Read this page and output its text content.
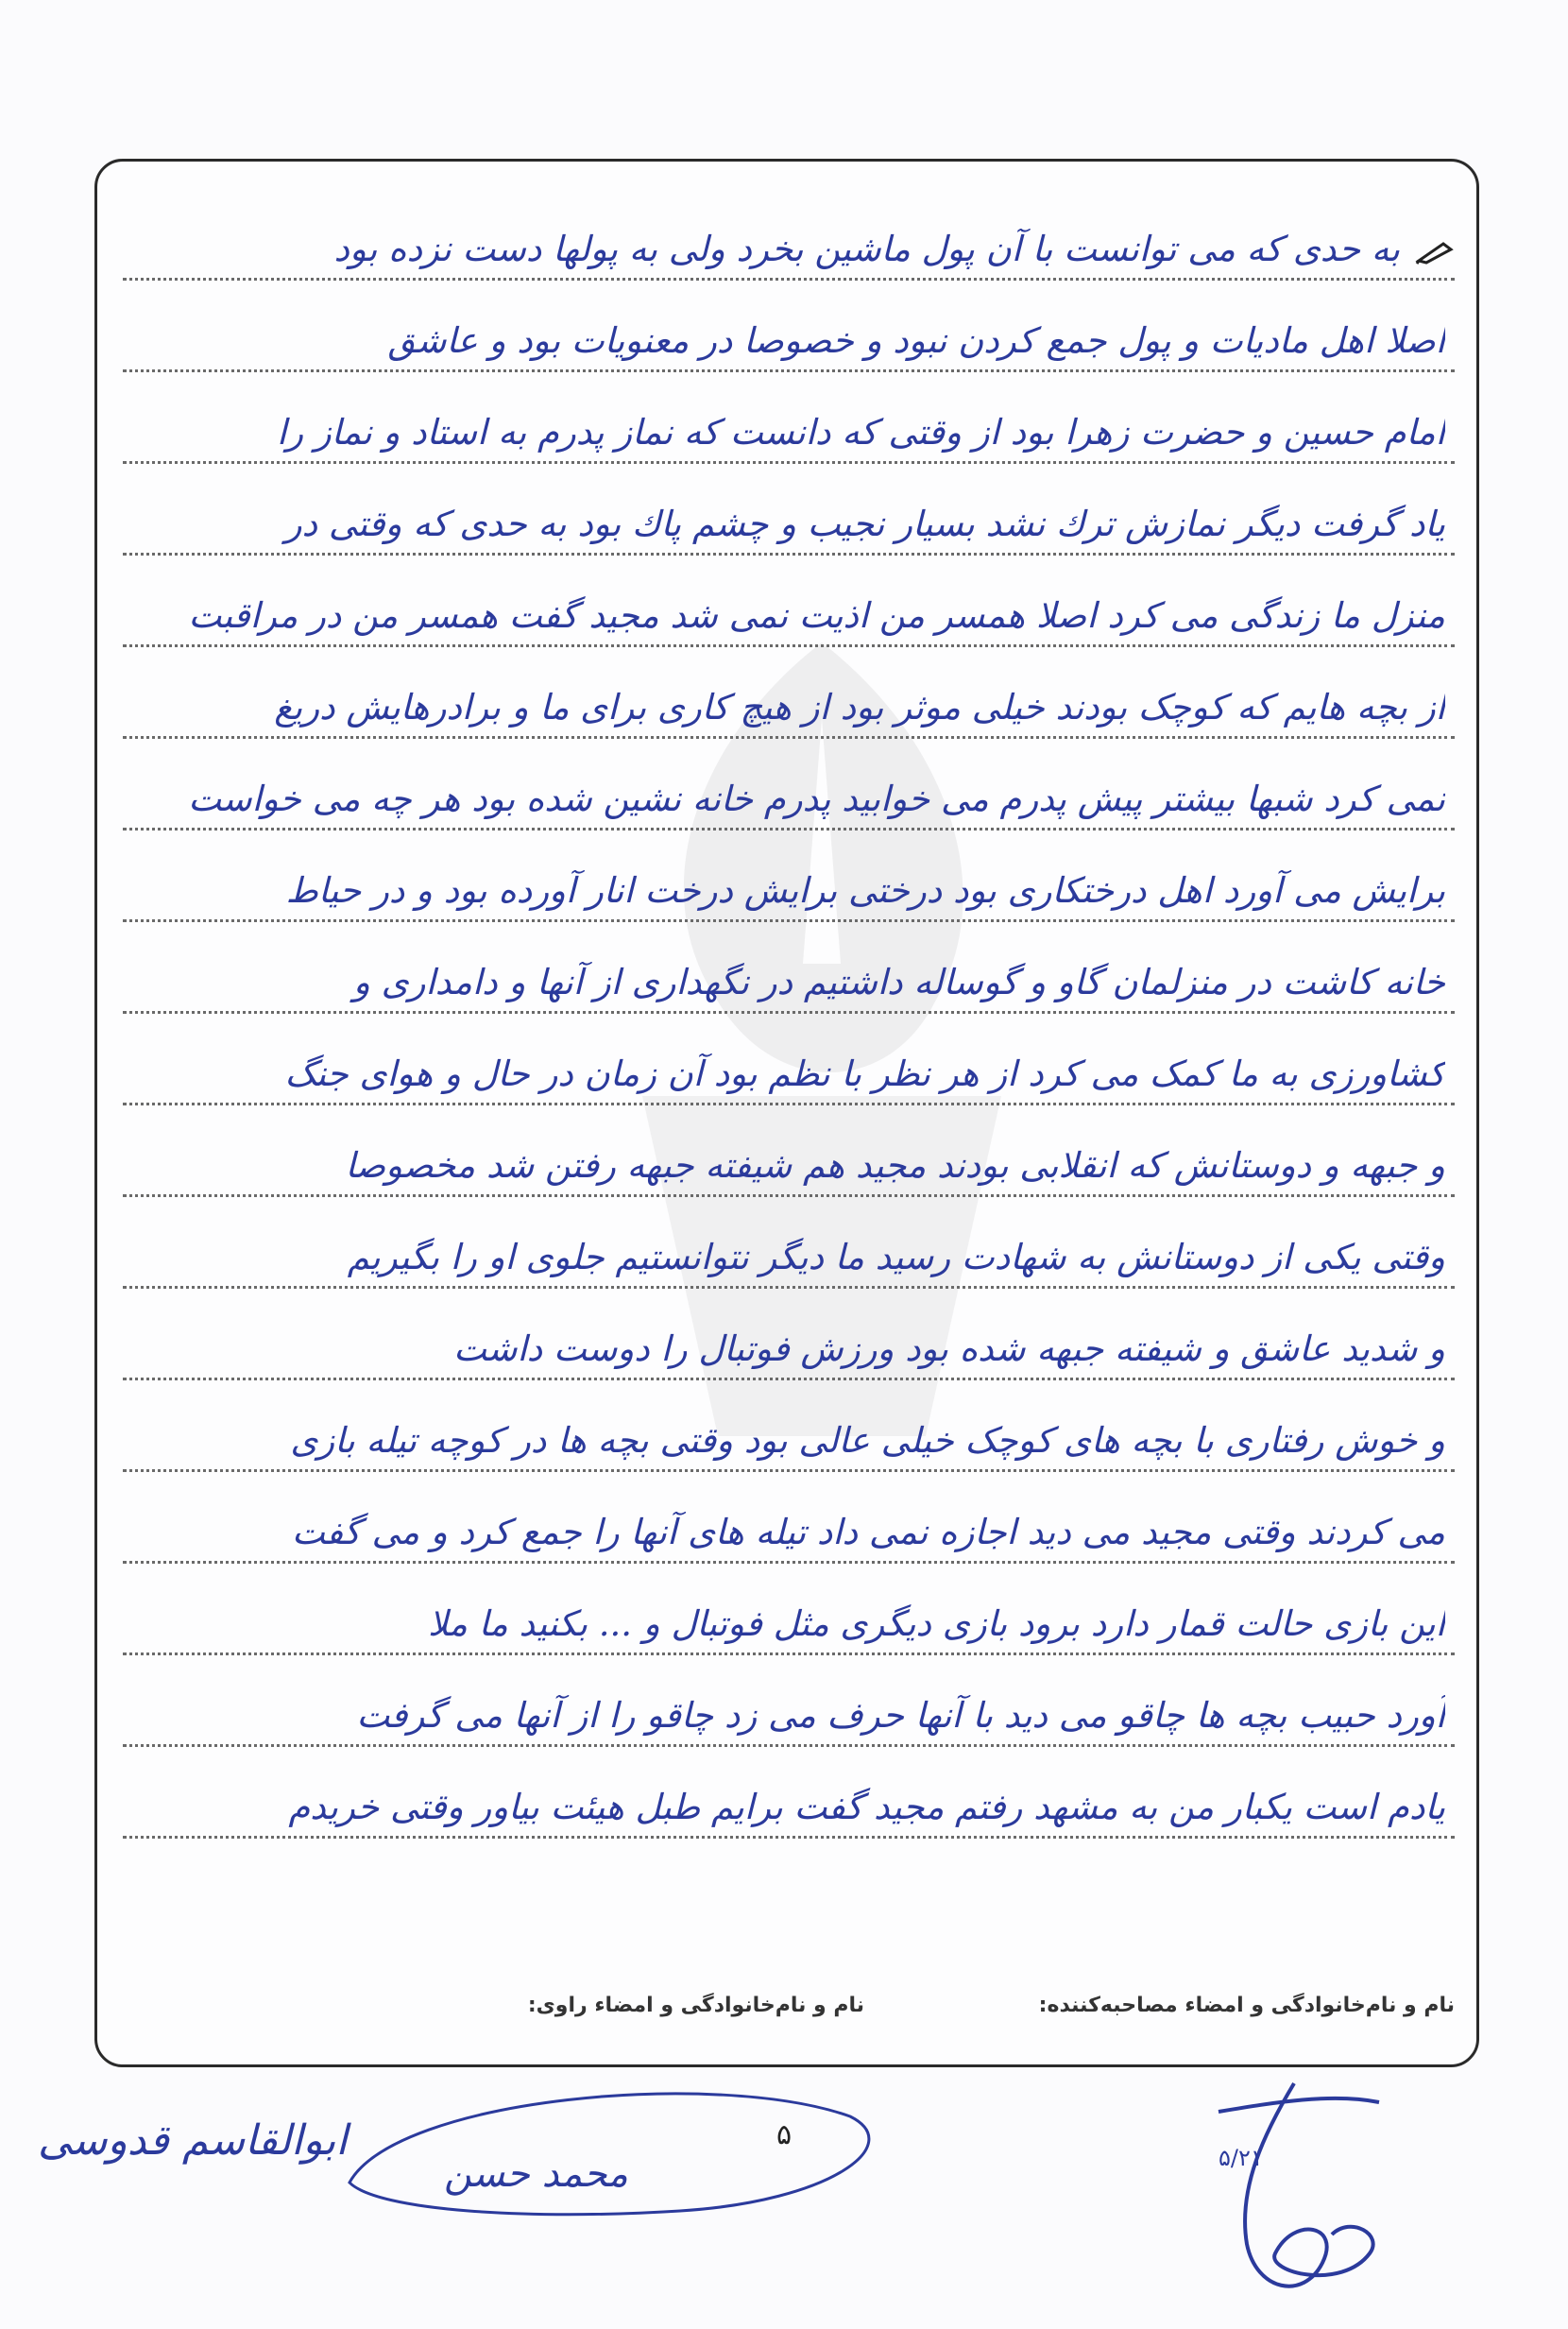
به حدی که می توانست با آن پول ماشین بخرد ولی به پولها دست نزده بود
اصلا اهل ماديات و پول جمع كردن نبود و خصوصا در معنويات بود و عاشق
امام حسين و حضرت زهرا بود از وقتى كه دانست كه نماز پدرم به استاد و نماز را
ياد گرفت ديگر نمازش ترك نشد بسيار نجيب و چشم پاك بود به حدی که وقتی در
منزل ما زندگی می کرد اصلا همسر من اذیت نمی شد مجید گفت همسر من در مراقبت
از بچه هایم که کوچک بودند خیلی موثر بود از هیچ کاری برای ما و برادرهایش دریغ
نمی کرد شبها بیشتر پیش پدرم می خوابید پدرم خانه نشین شده بود هر چه می خواست
برایش می آورد اهل درختکاری بود درختی برایش درخت انار آورده بود و در حیاط
خانه کاشت در منزلمان گاو و گوساله داشتیم در نگهداری از آنها و دامداری و
کشاورزی به ما کمک می کرد از هر نظر با نظم بود آن زمان در حال و هوای جنگ
و جبهه و دوستانش که انقلابی بودند مجید هم شیفته جبهه رفتن شد مخصوصا
وقتی یکی از دوستانش به شهادت رسید ما دیگر نتوانستیم جلوی او را بگیریم
و شدید عاشق و شیفته جبهه شده بود ورزش فوتبال را دوست داشت
و خوش رفتاری با بچه های کوچک خیلی عالی بود وقتی بچه ها در کوچه تیله بازی
می کردند وقتی مجید می دید اجازه نمی داد تیله های آنها را جمع کرد و می گفت
این بازی حالت قمار دارد برود بازی دیگری مثل فوتبال و ... بکنید ما ملا
آورد حبیب بچه ها چاقو می دید با آنها حرف می زد چاقو را از آنها می گرفت
یادم است یکبار من به مشهد رفتم مجید گفت برایم طبل هیئت بیاور وقتی خریدم
نام و نام‌خانوادگی و امضاء مصاحبه‌کننده:
نام و نام‌خانوادگی و امضاء راوی:
۵
ابوالقاسم قدوسی
محمد حسن	۵/۲۱
